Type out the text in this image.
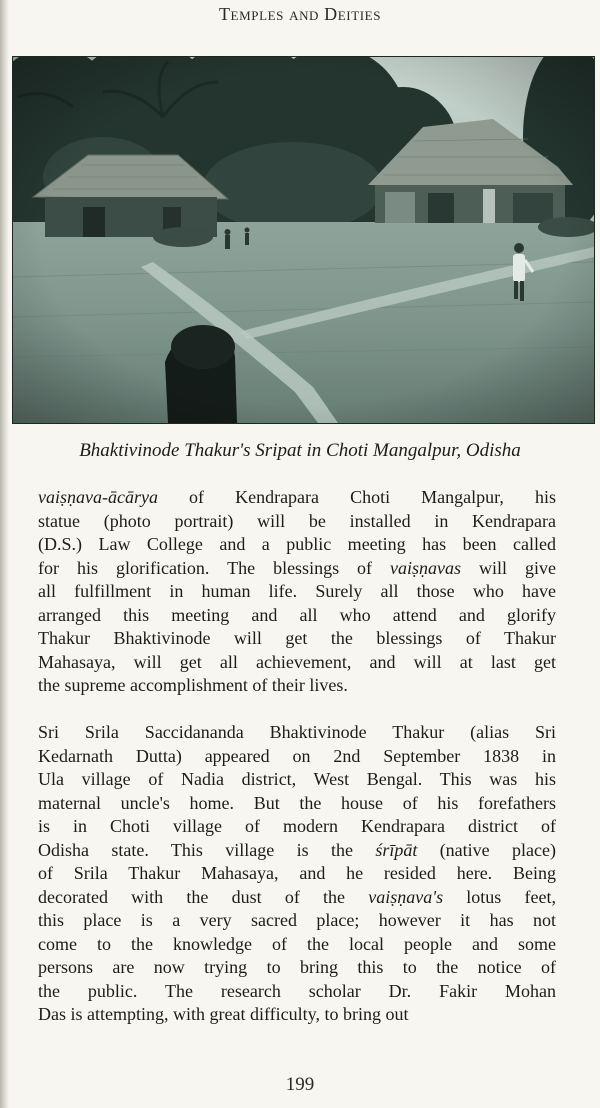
Temples and Deities
Bhaktivinode Thakur's Sripat in Choti Mangalpur, Odisha

vaiṣṇava-ācārya of Kendrapara Choti Mangalpur, his
statue (photo portrait) will be installed in Kendrapara
(D.S.) Law College and a public meeting has been called
for his glorification. The blessings of vaiṣṇavas will give
all fulfillment in human life. Surely all those who have
arranged this meeting and all who attend and glorify
Thakur Bhaktivinode will get the blessings of Thakur
Mahasaya, will get all achievement, and will at last get
the supreme accomplishment of their lives.

Sri Srila Saccidananda Bhaktivinode Thakur (alias Sri
Kedarnath Dutta) appeared on 2nd September 1838 in
Ula village of Nadia district, West Bengal. This was his
maternal uncle's home. But the house of his forefathers
is in Choti village of modern Kendrapara district of
Odisha state. This village is the śrīpāt (native place)
of Srila Thakur Mahasaya, and he resided here. Being
decorated with the dust of the vaiṣṇava's lotus feet,
this place is a very sacred place; however it has not
come to the knowledge of the local people and some
persons are now trying to bring this to the notice of
the public. The research scholar Dr. Fakir Mohan
Das is attempting, with great difficulty, to bring out

199
